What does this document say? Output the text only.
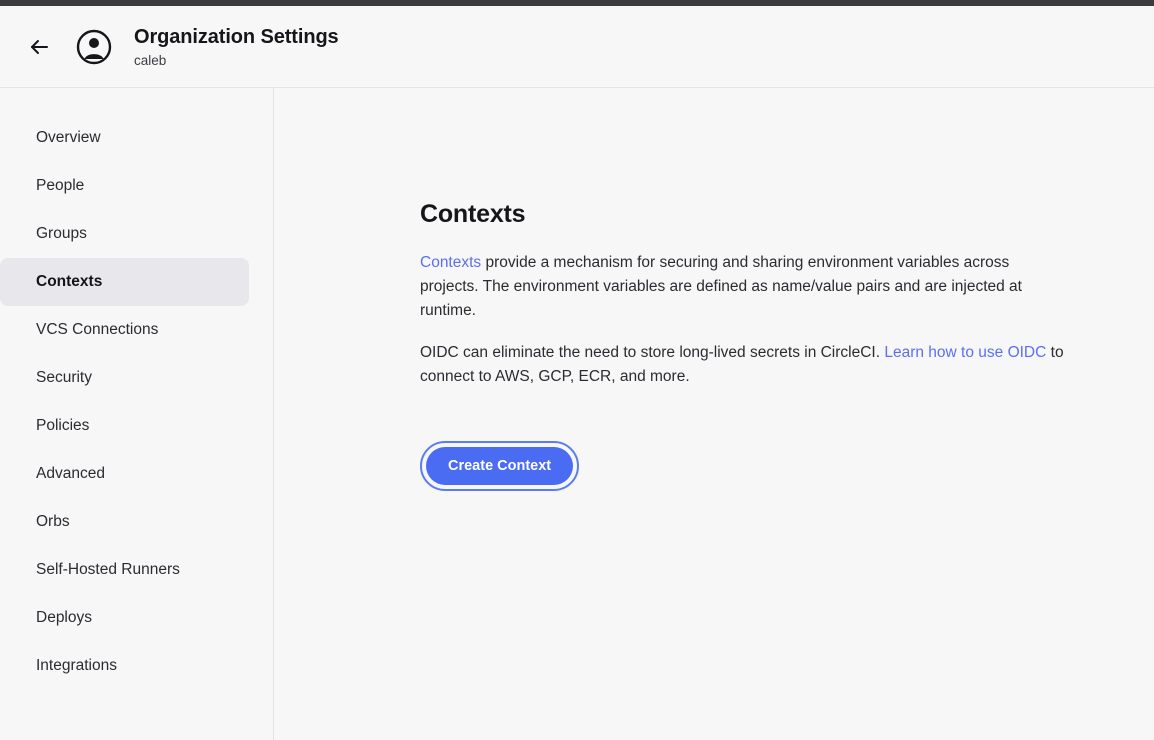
Organization Settings
caleb
Overview
People
Groups
Contexts
VCS Connections
Security
Policies
Advanced
Orbs
Self-Hosted Runners
Deploys
Integrations
Contexts

Contexts provide a mechanism for securing and sharing environment variables across projects. The environment variables are defined as name/value pairs and are injected at runtime.

OIDC can eliminate the need to store long-lived secrets in CircleCI. Learn how to use OIDC to connect to AWS, GCP, ECR, and more.

Create Context
